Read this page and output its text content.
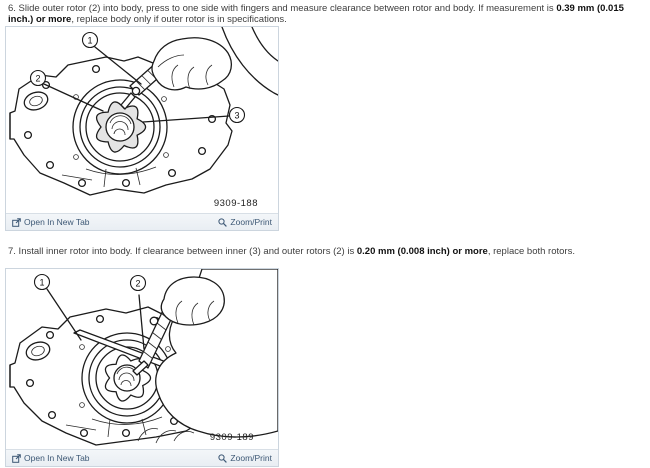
6. Slide outer rotor (2) into body, press to one side with fingers and measure clearance between rotor and body. If measurement is 0.39 mm (0.015 inch.) or more, replace body only if outer rotor is in specifications.
1
2
3
9309-188
Open In New Tab	Zoom/Print
7. Install inner rotor into body. If clearance between inner (3) and outer rotors (2) is 0.20 mm (0.008 inch) or more, replace both rotors.
1	2
9309-189
Open In New Tab	Zoom/Print
